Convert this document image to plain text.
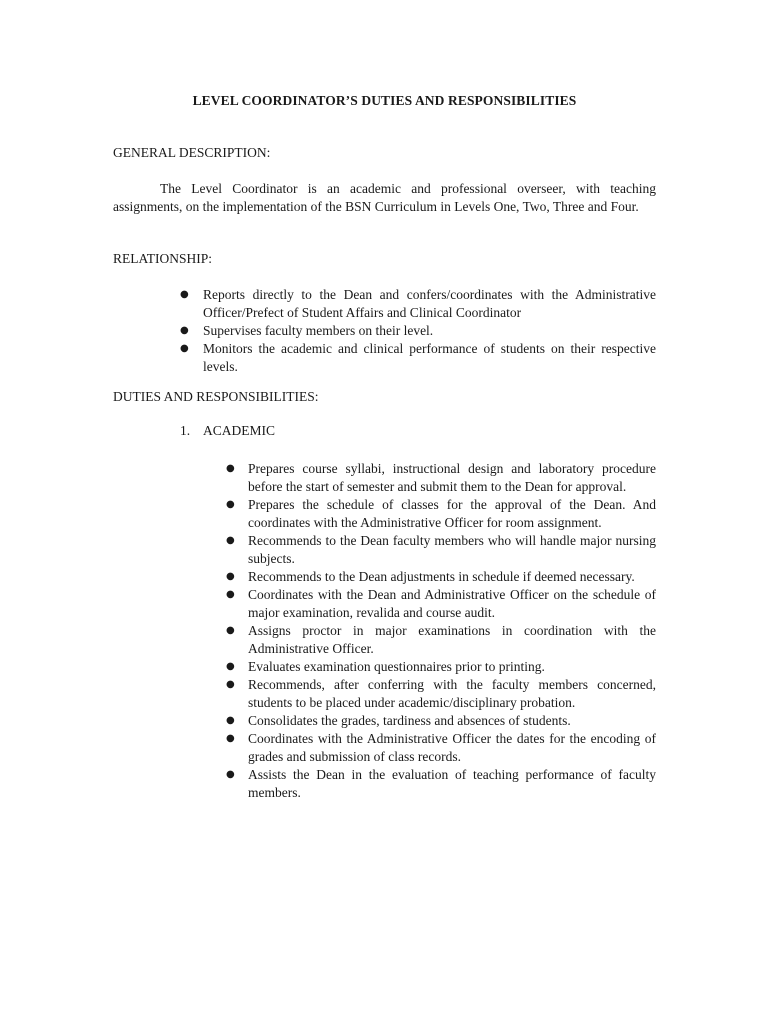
LEVEL COORDINATOR’S DUTIES AND RESPONSIBILITIES
GENERAL DESCRIPTION:

The Level Coordinator is an academic and professional overseer, with teaching assignments, on the implementation of the BSN Curriculum in Levels One, Two, Three and Four.

RELATIONSHIP:
● Reports directly to the Dean and confers/coordinates with the Administrative Officer/Prefect of Student Affairs and Clinical Coordinator
● Supervises faculty members on their level.
● Monitors the academic and clinical performance of students on their respective levels.
DUTIES AND RESPONSIBILITIES:
1. ACADEMIC
● Prepares course syllabi, instructional design and laboratory procedure before the start of semester and submit them to the Dean for approval.
● Prepares the schedule of classes for the approval of the Dean. And coordinates with the Administrative Officer for room assignment.
● Recommends to the Dean faculty members who will handle major nursing subjects.
● Recommends to the Dean adjustments in schedule if deemed necessary.
● Coordinates with the Dean and Administrative Officer on the schedule of major examination, revalida and course audit.
● Assigns proctor in major examinations in coordination with the Administrative Officer.
● Evaluates examination questionnaires prior to printing.
● Recommends, after conferring with the faculty members concerned, students to be placed under academic/disciplinary probation.
● Consolidates the grades, tardiness and absences of students.
● Coordinates with the Administrative Officer the dates for the encoding of grades and submission of class records.
● Assists the Dean in the evaluation of teaching performance of faculty members.
